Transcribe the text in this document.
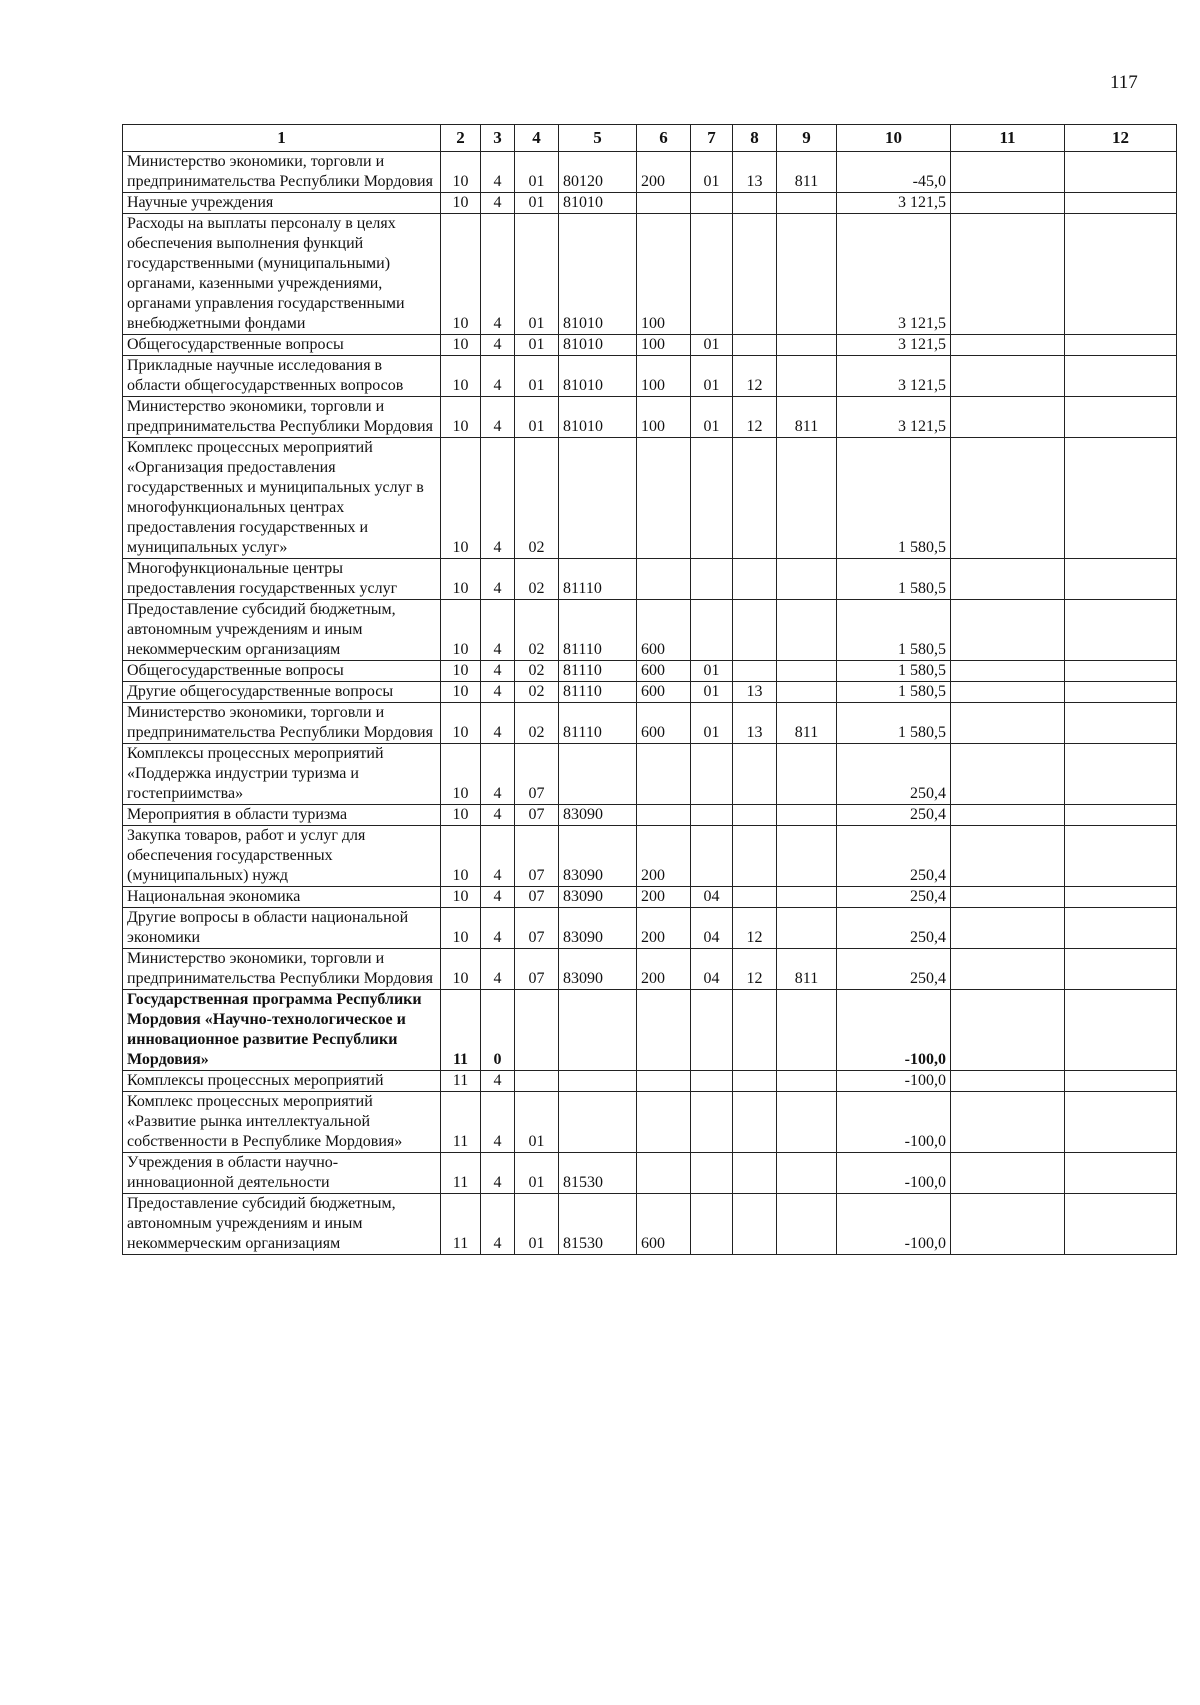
117
1	2	3	4	5	6	7	8	9	10	11	12
Министерство экономики, торговли и предпринимательства Республики Мордовия	10	4	01	80120	200	01	13	811	-45,0		
Научные учреждения	10	4	01	81010					3 121,5		
Расходы на выплаты персоналу в целях обеспечения выполнения функций государственными (муниципальными) органами, казенными учреждениями, органами управления государственными внебюджетными фондами	10	4	01	81010	100				3 121,5		
Общегосударственные вопросы	10	4	01	81010	100	01			3 121,5		
Прикладные научные исследования в области общегосударственных вопросов	10	4	01	81010	100	01	12		3 121,5		
Министерство экономики, торговли и предпринимательства Республики Мордовия	10	4	01	81010	100	01	12	811	3 121,5		
Комплекс процессных мероприятий «Организация предоставления государственных и муниципальных услуг в многофункциональных центрах предоставления государственных и муниципальных услуг»	10	4	02						1 580,5		
Многофункциональные центры предоставления государственных услуг	10	4	02	81110					1 580,5		
Предоставление субсидий бюджетным, автономным учреждениям и иным некоммерческим организациям	10	4	02	81110	600				1 580,5		
Общегосударственные вопросы	10	4	02	81110	600	01			1 580,5		
Другие общегосударственные вопросы	10	4	02	81110	600	01	13		1 580,5		
Министерство экономики, торговли и предпринимательства Республики Мордовия	10	4	02	81110	600	01	13	811	1 580,5		
Комплексы процессных мероприятий «Поддержка индустрии туризма и гостеприимства»	10	4	07						250,4		
Мероприятия в области туризма	10	4	07	83090					250,4		
Закупка товаров, работ и услуг для обеспечения государственных (муниципальных) нужд	10	4	07	83090	200				250,4		
Национальная экономика	10	4	07	83090	200	04			250,4		
Другие вопросы в области национальной экономики	10	4	07	83090	200	04	12		250,4		
Министерство экономики, торговли и предпринимательства Республики Мордовия	10	4	07	83090	200	04	12	811	250,4		
Государственная программа Республики Мордовия «Научно-технологическое и инновационное развитие Республики Мордовия»	11	0							-100,0		
Комплексы процессных мероприятий	11	4							-100,0		
Комплекс процессных мероприятий «Развитие рынка интеллектуальной собственности в Республике Мордовия»	11	4	01						-100,0		
Учреждения в области научно-инновационной деятельности	11	4	01	81530					-100,0		
Предоставление субсидий бюджетным, автономным учреждениям и иным некоммерческим организациям	11	4	01	81530	600				-100,0		
